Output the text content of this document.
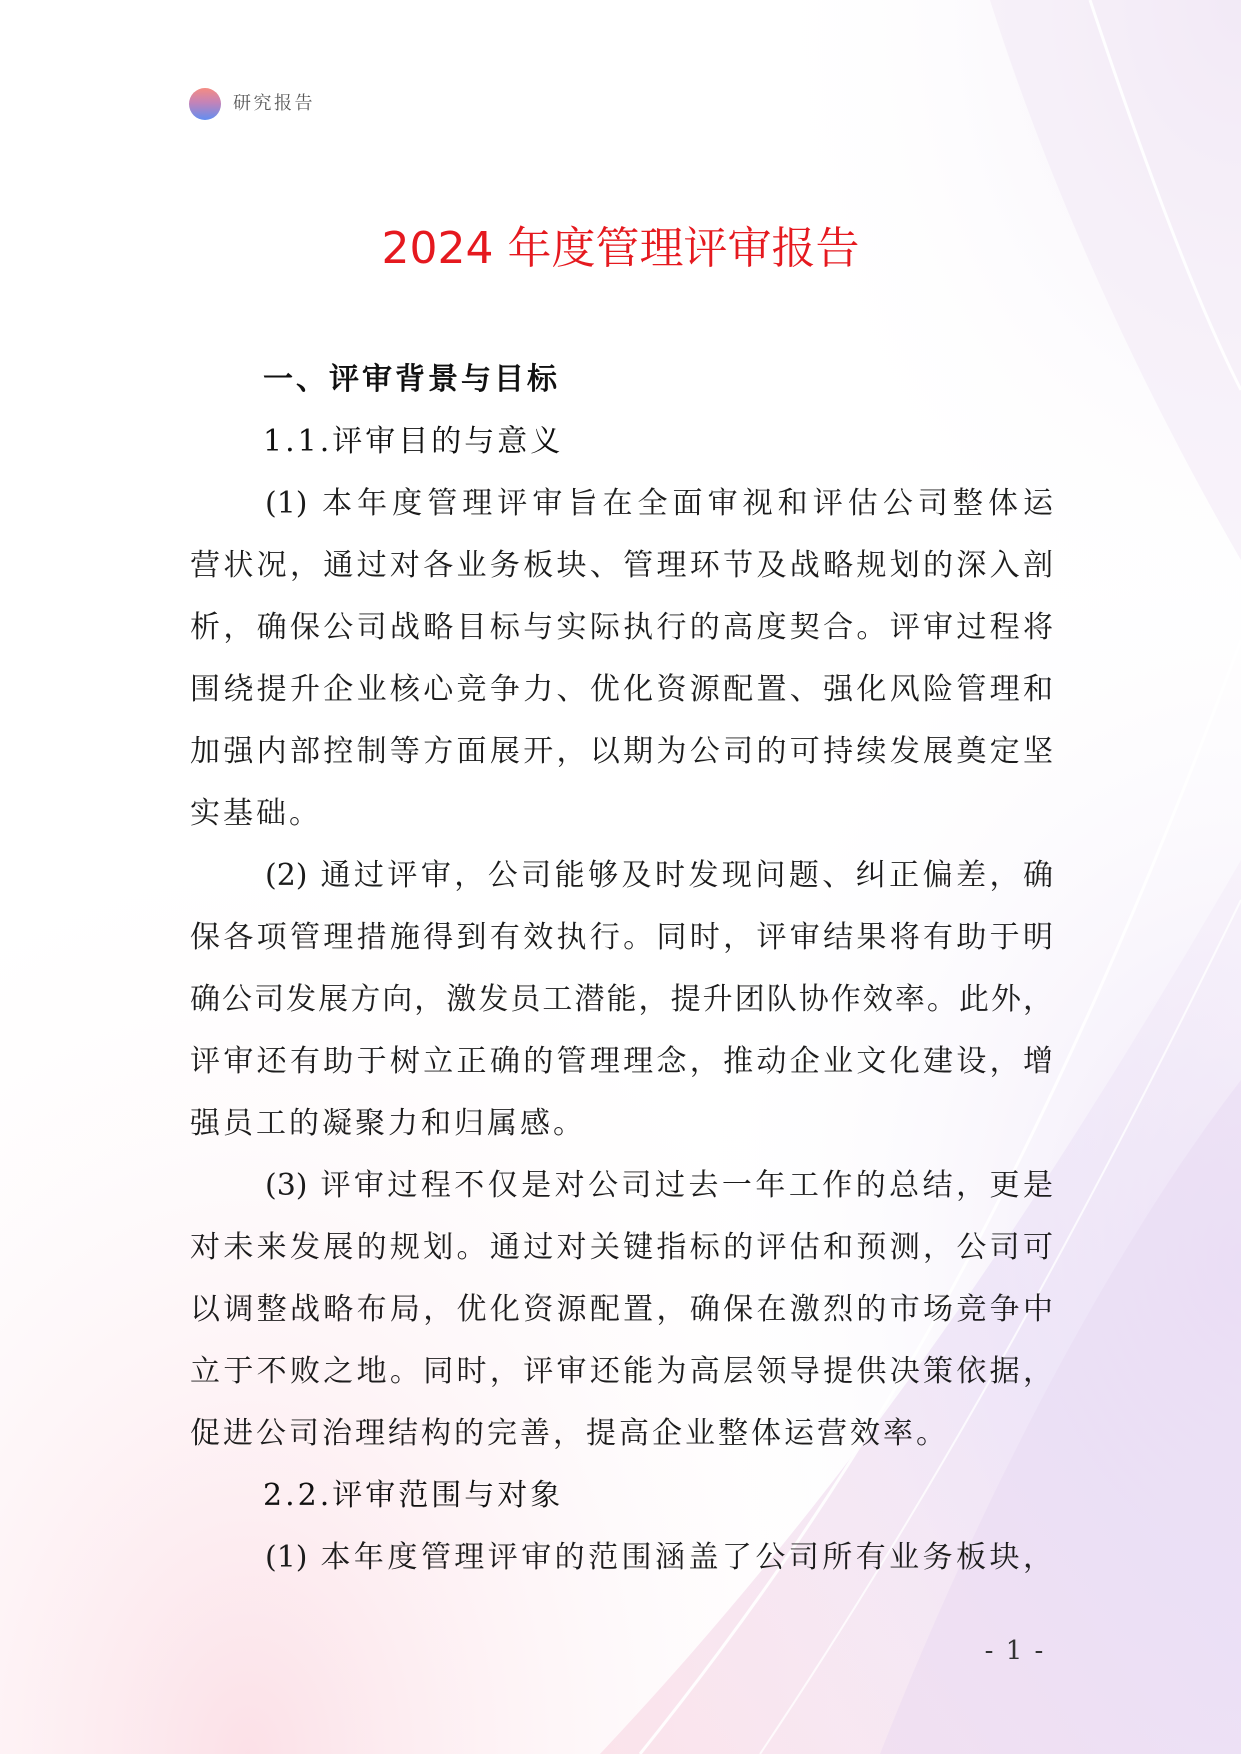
研究报告
2024 年度管理评审报告
一、评审背景与目标
1.1.评审目的与意义
(1) 本年度管理评审旨在全面审视和评估公司整体运
营状况，通过对各业务板块、管理环节及战略规划的深入剖
析，确保公司战略目标与实际执行的高度契合。评审过程将
围绕提升企业核心竞争力、优化资源配置、强化风险管理和
加强内部控制等方面展开，以期为公司的可持续发展奠定坚
实基础。
(2) 通过评审，公司能够及时发现问题、纠正偏差，确
保各项管理措施得到有效执行。同时，评审结果将有助于明
确公司发展方向，激发员工潜能，提升团队协作效率。此外，
评审还有助于树立正确的管理理念，推动企业文化建设，增
强员工的凝聚力和归属感。
(3) 评审过程不仅是对公司过去一年工作的总结，更是
对未来发展的规划。通过对关键指标的评估和预测，公司可
以调整战略布局，优化资源配置，确保在激烈的市场竞争中
立于不败之地。同时，评审还能为高层领导提供决策依据，
促进公司治理结构的完善，提高企业整体运营效率。
2.2.评审范围与对象
(1) 本年度管理评审的范围涵盖了公司所有业务板块，
- 1 -
